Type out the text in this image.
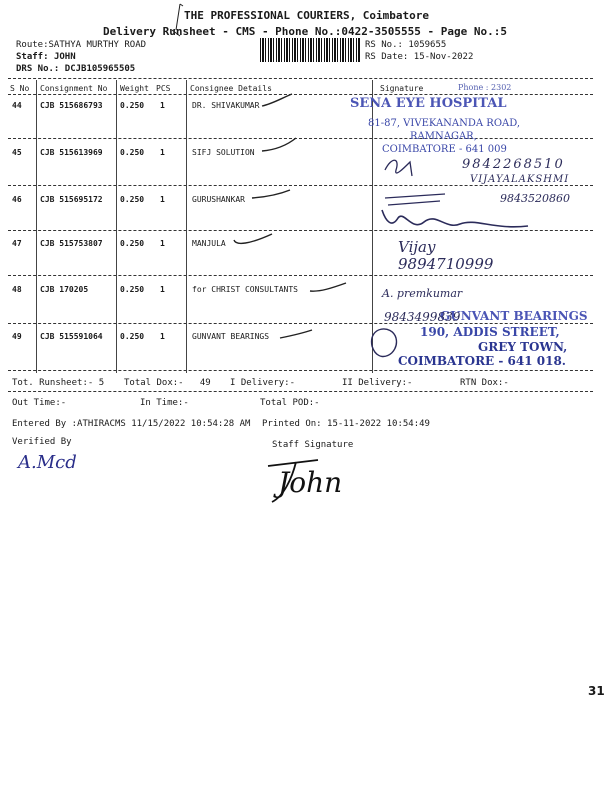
THE PROFESSIONAL COURIERS, Coimbatore
Delivery Runsheet - CMS - Phone No.:0422-3505555 - Page No.:5
Route:SATHYA MURTHY ROAD
Staff: JOHN
DRS No.: DCJB105965505
RS No.: 1059655
RS Date: 15-Nov-2022
S No Consignment No Weight PCS Consignee Details	Signature
44 CJB 515686793 0.250 1	DR. SHIVAKUMAR
45 CJB 515613969 0.250 1	SIFJ SOLUTION
46 CJB 515695172 0.250 1	GURUSHANKAR
47 CJB 515753807 0.250 1	MANJULA
48 CJB 170205	0.250 1	for CHRIST CONSULTANTS
49 CJB 515591064 0.250 1	GUNVANT BEARINGS
Phone : 2302
SENA EYE HOSPITAL
81-87, VIVEKANANDA ROAD,
RAMNAGAR,
COIMBATORE - 641 009
9842268510
VIJAYALAKSHMI
9843520860
Vijay
9894710999
A. premkumar
GUNVANT BEARINGS
9843499839
190, ADDIS STREET,
GREY TOWN,
COIMBATORE - 641 018.
Tot. Runsheet:- 5 Total Dox:- 49 I Delivery:-	II Delivery:-	RTN Dox:-
Out Time:-	In Time:-	Total POD:-
Entered By :ATHIRACMS 11/15/2022 10:54:28 AM Printed On: 15-11-2022 10:54:49
Verified By	Staff Signature
A.Mcd
John
31
